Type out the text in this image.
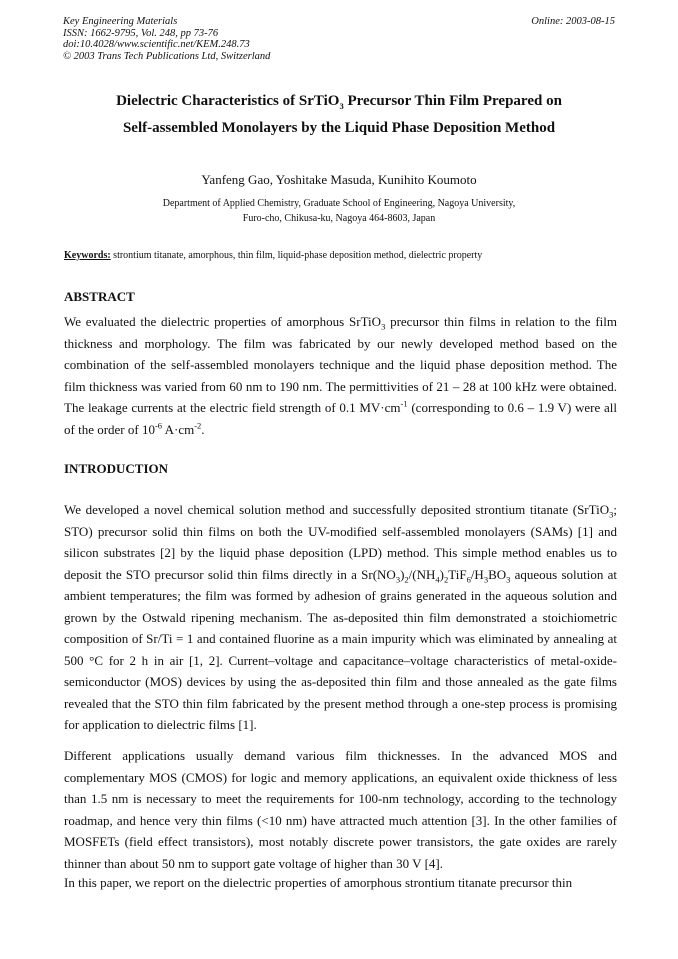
Key Engineering Materials
ISSN: 1662-9795, Vol. 248, pp 73-76
doi:10.4028/www.scientific.net/KEM.248.73
© 2003 Trans Tech Publications Ltd, Switzerland
Online: 2003-08-15
Dielectric Characteristics of SrTiO$_3$ Precursor Thin Film Prepared on
Self-assembled Monolayers by the Liquid Phase Deposition Method
Yanfeng Gao, Yoshitake Masuda, Kunihito Koumoto
Department of Applied Chemistry, Graduate School of Engineering, Nagoya University,
Furo-cho, Chikusa-ku, Nagoya 464-8603, Japan
Keywords: strontium titanate, amorphous, thin film, liquid-phase deposition method, dielectric property
ABSTRACT

We evaluated the dielectric properties of amorphous SrTiO$_3$ precursor thin films in relation to the film thickness and morphology. The film was fabricated by our newly developed method based on the combination of the self-assembled monolayers technique and the liquid phase deposition method. The film thickness was varied from 60 nm to 190 nm. The permittivities of 21 – 28 at 100 kHz were obtained. The leakage currents at the electric field strength of 0.1 $MV\cdot cm^{-1}$ (corresponding to 0.6 – 1.9 V) were all of the order of $10^{-6}$ $A\cdot cm^{-2}$.

INTRODUCTION

We developed a novel chemical solution method and successfully deposited strontium titanate (SrTiO$_3$; STO) precursor solid thin films on both the UV-modified self-assembled monolayers (SAMs) [1] and silicon substrates [2] by the liquid phase deposition (LPD) method. This simple method enables us to deposit the STO precursor solid thin films directly in a $Sr(NO_3)_2/(NH_4)_2TiF_6/H_3BO_3$ aqueous solution at ambient temperatures; the film was formed by adhesion of grains generated in the aqueous solution and grown by the Ostwald ripening mechanism. The as-deposited thin film demonstrated a stoichiometric composition of Sr/Ti = 1 and contained fluorine as a main impurity which was eliminated by annealing at 500 °C for 2 h in air [1, 2]. Current–voltage and capacitance–voltage characteristics of metal-oxide-semiconductor (MOS) devices by using the as-deposited thin film and those annealed as the gate films revealed that the STO thin film fabricated by the present method through a one-step process is promising for application to dielectric films [1].

Different applications usually demand various film thicknesses. In the advanced MOS and complementary MOS (CMOS) for logic and memory applications, an equivalent oxide thickness of less than 1.5 nm is necessary to meet the requirements for 100-nm technology, according to the technology roadmap, and hence very thin films (<10 nm) have attracted much attention [3]. In the other families of MOSFETs (field effect transistors), most notably discrete power transistors, the gate oxides are rarely thinner than about 50 nm to support gate voltage of higher than 30 V [4].

In this paper, we report on the dielectric properties of amorphous strontium titanate precursor thin
